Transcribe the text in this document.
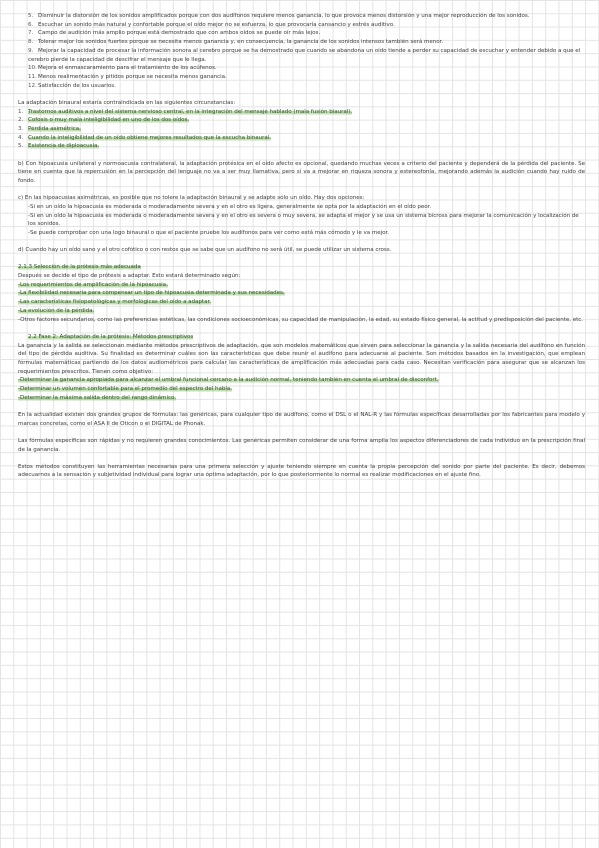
5. Disminuir la distorsión de los sonidos amplificados porque con dos audífonos requiere menos ganancia, lo que provoca menos distorsión y una mejor reproducción de los sonidos.
6. Escuchar un sonido más natural y confortable porque el oído mejor no se esfuerza, lo que provocaría cansancio y estrés auditivo.
7. Campo de audición más amplio porque está demostrado que con ambos oídos se puede oír más lejos.
8. Tolerar mejor los sonidos fuertes porque se necesita menos ganancia y, en consecuencia, la ganancia de los sonidos intensos también será menor.
9. Mejorar la capacidad de procesar la información sonora al cerebro porque se ha demostrado que cuando se abandona un oído tiende a perder su capacidad de escuchar y entender debido a que el cerebro pierde la capacidad de descifrar el mensaje que le llega.
10.Mejora el enmascaramiento para el tratamiento de los acúfenos.
11.Menos realimentación y pitidos porque se necesita menos ganancia.
12.Satisfacción de los usuarios.
La adaptación binaural estaría contraindicada en las siguientes circunstancias:
1. Trastornos auditivos a nivel del sistema nervioso central, en la integración del mensaje hablado (mala fusión biaural).
2. Cofosis o muy mala inteligibilidad en uno de los dos oídos.
3. Pérdida asimétrica.
4. Cuando la inteligibilidad de un oído obtiene mejores resultados que la escucha binaural.
5. Existencia de diploacusia.
b) Con hipoacusia unilateral y normoacusia contralateral, la adaptación protésica en el oído afecto es opcional, quedando muchas veces a criterio del paciente y dependerá de la pérdida del paciente. Se tiene en cuenta que la repercusión en la percepción del lenguaje no va a ser muy llamativa, pero sí va a mejorar en riqueza sonora y estereofonía, mejorando además la audición cuando hay ruido de fondo.
c) En las hipoacusias asimétricas, es posible que no tolere la adaptación binaural y se adapte sólo un oído. Hay dos opciones:
-Si en un oído la hipoacusia es moderada o moderadamente severa y en el otro es ligera, generalmente se opta por la adaptación en el oído peor.
-Si en un oído la hipoacusia es moderada o moderadamente severa y en el otro es severa o muy severa, se adapta el mejor y se usa un sistema bicross para mejorar la comunicación y localización de los sonidos.
-Se puede comprobar con una logo binaural o que el paciente pruebe los audífonos para ver como está más cómodo y le va mejor.
d) Cuando hay un oído sano y el otro cofótico o con restos que se sabe que un audífono no será útil, se puede utilizar un sistema cross.
2.1.3 Selección de la prótesis más adecuada
Después se decide el tipo de prótesis a adaptar. Esto estará determinado según:
-Los requerimientos de amplificación de la hipoacusia.
-La flexibilidad necesaria para compensar un tipo de hipoacusia determinada y sus necesidades.
-Las características fisiopatológicas y morfológicas del oído a adaptar.
-La evolución de la pérdida.
-Otros factores secundarios, como las preferencias estéticas, las condiciones socioeconómicas, su capacidad de manipulación, la edad, su estado físico general, la actitud y predisposición del paciente, etc.
2.2 Fase 2: Adaptación de la prótesis: Métodos prescriptivos
La ganancia y la salida se seleccionan mediante métodos prescriptivos de adaptación, que son modelos matemáticos que sirven para seleccionar la ganancia y la salida necesaria del audífono en función del tipo de pérdida auditiva. Su finalidad es determinar cuáles son las características que debe reunir el audífono para adecuarse al paciente. Son métodos basados en la investigación, que emplean fórmulas matemáticas partiendo de los datos audiométricos para calcular las características de amplificación más adecuadas para cada caso. Necesitan verificación para asegurar que se alcanzan los requerimientos prescritos. Tienen como objetivo:
-Determinar la ganancia apropiada para alcanzar el umbral funcional cercano a la audición normal, teniendo también en cuenta el umbral de disconfort.
-Determinar un volumen confortable para el promedio del espectro del habla.
-Determinar la máxima salida dentro del rango dinámico.
En la actualidad existen dos grandes grupos de fórmulas: las genéricas, para cualquier tipo de audífono, como el DSL o el NAL-R y las fórmulas específicas desarrolladas por los fabricantes para modelo y marcas concretas, como el ASA II de Oticon o el DIGITAL de Phonak.
Las fórmulas específicas son rápidas y no requieren grandes conocimientos. Las genéricas permiten considerar de una forma amplia los aspectos diferenciadores de cada individuo en la prescripción final de la ganancia.
Estos métodos constituyen las herramientas necesarias para una primera selección y ajuste teniendo siempre en cuenta la propia percepción del sonido por parte del paciente. Es decir, debemos adecuarnos a la sensación y subjetividad individual para lograr una óptima adaptación, por lo que posteriormente lo normal es realizar modificaciones en el ajuste fino.
